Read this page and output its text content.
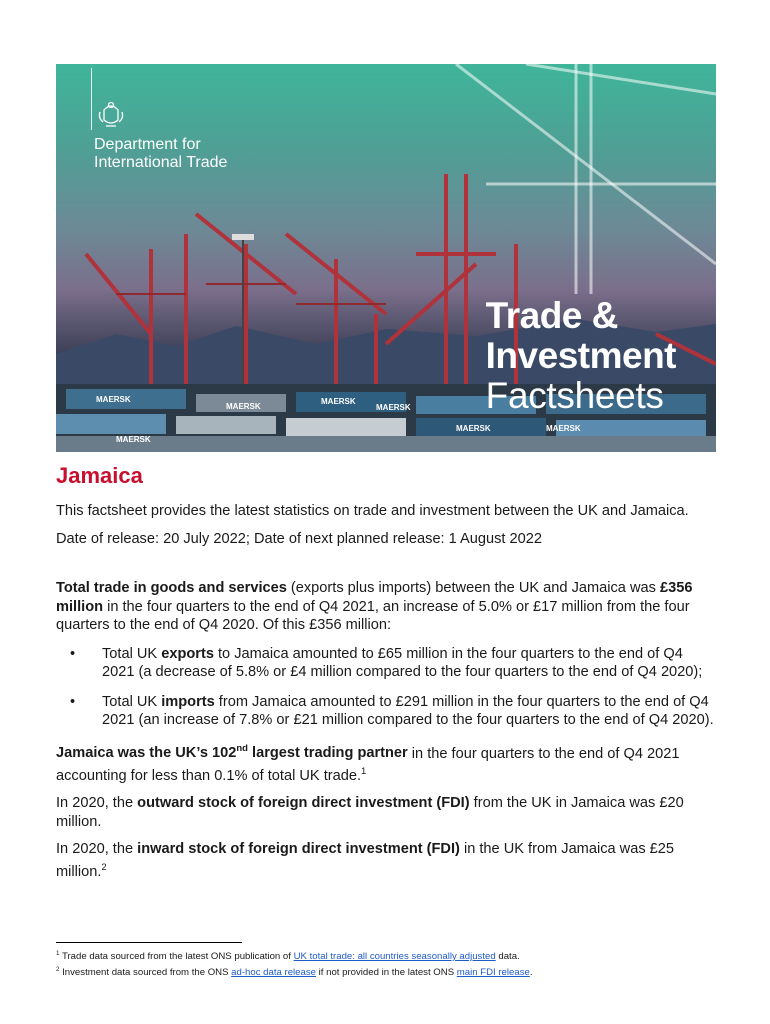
MAERSK
MAERSK
MAERSK
MAERSK
MAERSK
MAERSK	MAERSK
Department for
International Trade
Trade &
Investment
Factsheets
Jamaica

This factsheet provides the latest statistics on trade and investment between the UK and Jamaica.

Date of release: 20 July 2022; Date of next planned release: 1 August 2022

Total trade in goods and services (exports plus imports) between the UK and Jamaica was £356 million in the four quarters to the end of Q4 2021, an increase of 5.0% or £17 million from the four quarters to the end of Q4 2020. Of this £356 million:

• Total UK exports to Jamaica amounted to £65 million in the four quarters to the end of Q4 2021 (a decrease of 5.8% or £4 million compared to the four quarters to the end of Q4 2020);
• Total UK imports from Jamaica amounted to £291 million in the four quarters to the end of Q4 2021 (an increase of 7.8% or £21 million compared to the four quarters to the end of Q4 2020).

Jamaica was the UK’s 102nd largest trading partner in the four quarters to the end of Q4 2021 accounting for less than 0.1% of total UK trade.$^1$

In 2020, the outward stock of foreign direct investment (FDI) from the UK in Jamaica was £20 million.

In 2020, the inward stock of foreign direct investment (FDI) in the UK from Jamaica was £25 million.$^2$

$^1$ Trade data sourced from the latest ONS publication of UK total trade: all countries seasonally adjusted data.
$^2$ Investment data sourced from the ONS ad-hoc data release if not provided in the latest ONS main FDI release.
